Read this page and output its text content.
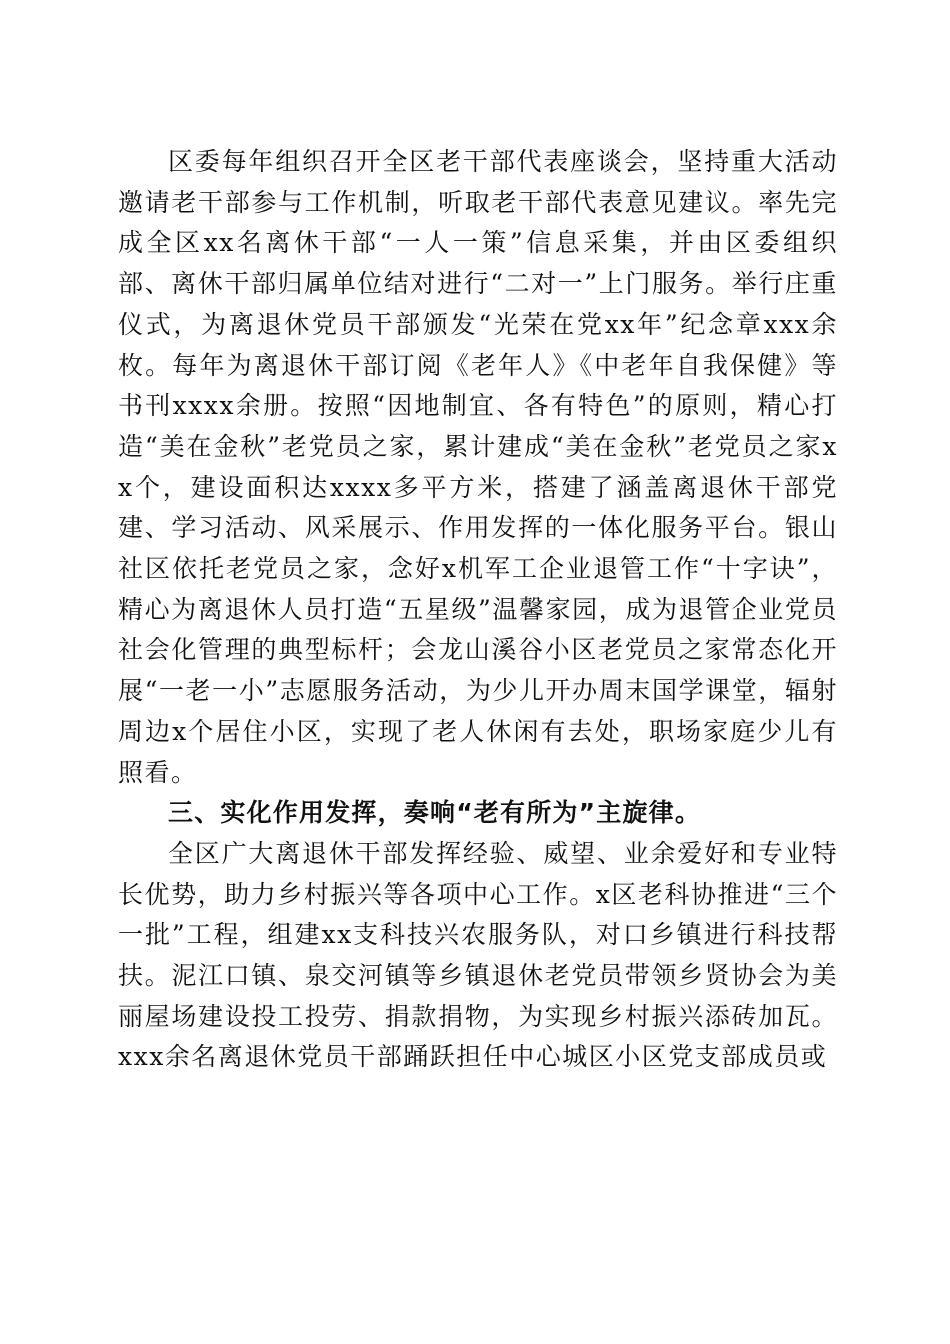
区委每年组织召开全区老干部代表座谈会，坚持重大活动邀请老干部参与工作机制，听取老干部代表意见建议。率先完成全区xx名离休干部“一人一策”信息采集，并由区委组织部、离休干部归属单位结对进行“二对一”上门服务。举行庄重仪式，为离退休党员干部颁发“光荣在党xx年”纪念章xxx余枚。每年为离退休干部订阅《老年人》《中老年自我保健》等书刊xxxx余册。按照“因地制宜、各有特色”的原则，精心打造“美在金秋”老党员之家，累计建成“美在金秋”老党员之家xx个，建设面积达xxxx多平方米，搭建了涵盖离退休干部党建、学习活动、风采展示、作用发挥的一体化服务平台。银山社区依托老党员之家，念好x机军工企业退管工作“十字诀”，精心为离退休人员打造“五星级”温馨家园，成为退管企业党员社会化管理的典型标杆；会龙山溪谷小区老党员之家常态化开展“一老一小”志愿服务活动，为少儿开办周末国学课堂，辐射周边x个居住小区，实现了老人休闲有去处，职场家庭少儿有照看。

三、实化作用发挥，奏响“老有所为”主旋律。

全区广大离退休干部发挥经验、威望、业余爱好和专业特长优势，助力乡村振兴等各项中心工作。x区老科协推进“三个一批”工程，组建xx支科技兴农服务队，对口乡镇进行科技帮扶。泥江口镇、泉交河镇等乡镇退休老党员带领乡贤协会为美丽屋场建设投工投劳、捐款捐物，为实现乡村振兴添砖加瓦。xxx余名离退休党员干部踊跃担任中心城区小区党支部成员或
